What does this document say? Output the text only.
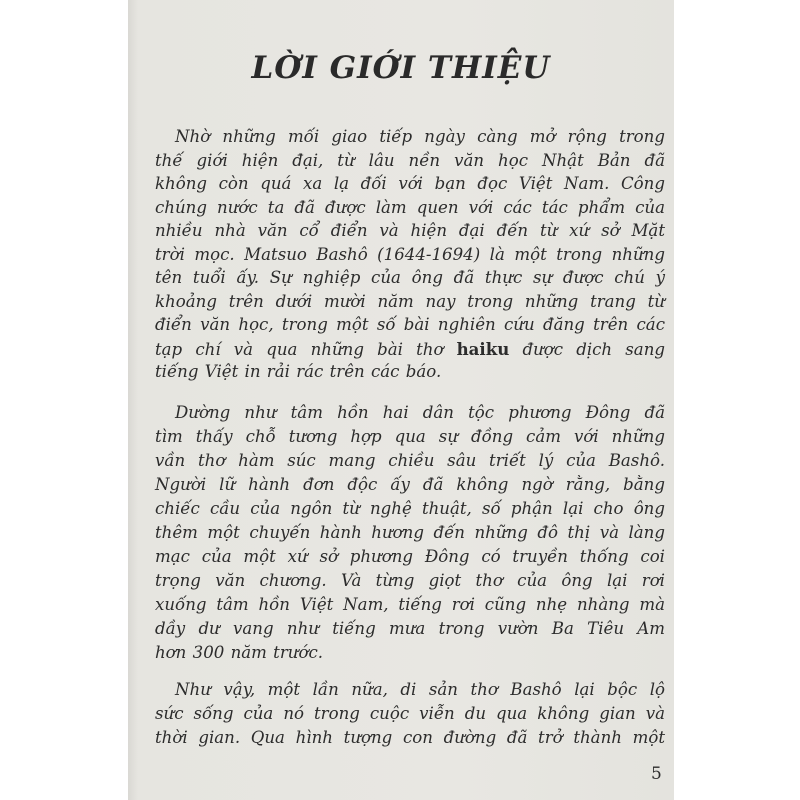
LỜI GIỚI THIỆU
Nhờ những mối giao tiếp ngày càng mở rộng trong
thế giới hiện đại, từ lâu nền văn học Nhật Bản đã
không còn quá xa lạ đối với bạn đọc Việt Nam. Công
chúng nước ta đã được làm quen với các tác phẩm của
nhiều nhà văn cổ điển và hiện đại đến từ xứ sở Mặt
trời mọc. Matsuo Bashô (1644-1694) là một trong những
tên tuổi ấy. Sự nghiệp của ông đã thực sự được chú ý
khoảng trên dưới mười năm nay trong những trang từ
điển văn học, trong một số bài nghiên cứu đăng trên các
tạp chí và qua những bài thơ haiku được dịch sang
tiếng Việt in rải rác trên các báo.
Dường như tâm hồn hai dân tộc phương Đông đã
tìm thấy chỗ tương hợp qua sự đồng cảm với những
vần thơ hàm súc mang chiều sâu triết lý của Bashô.
Người lữ hành đơn độc ấy đã không ngờ rằng, bằng
chiếc cầu của ngôn từ nghệ thuật, số phận lại cho ông
thêm một chuyến hành hương đến những đô thị và làng
mạc của một xứ sở phương Đông có truyền thống coi
trọng văn chương. Và từng giọt thơ của ông lại rơi
xuống tâm hồn Việt Nam, tiếng rơi cũng nhẹ nhàng mà
dầy dư vang như tiếng mưa trong vườn Ba Tiêu Am
hơn 300 năm trước.
Như vậy, một lần nữa, di sản thơ Bashô lại bộc lộ
sức sống của nó trong cuộc viễn du qua không gian và
thời gian. Qua hình tượng con đường đã trở thành một
5
